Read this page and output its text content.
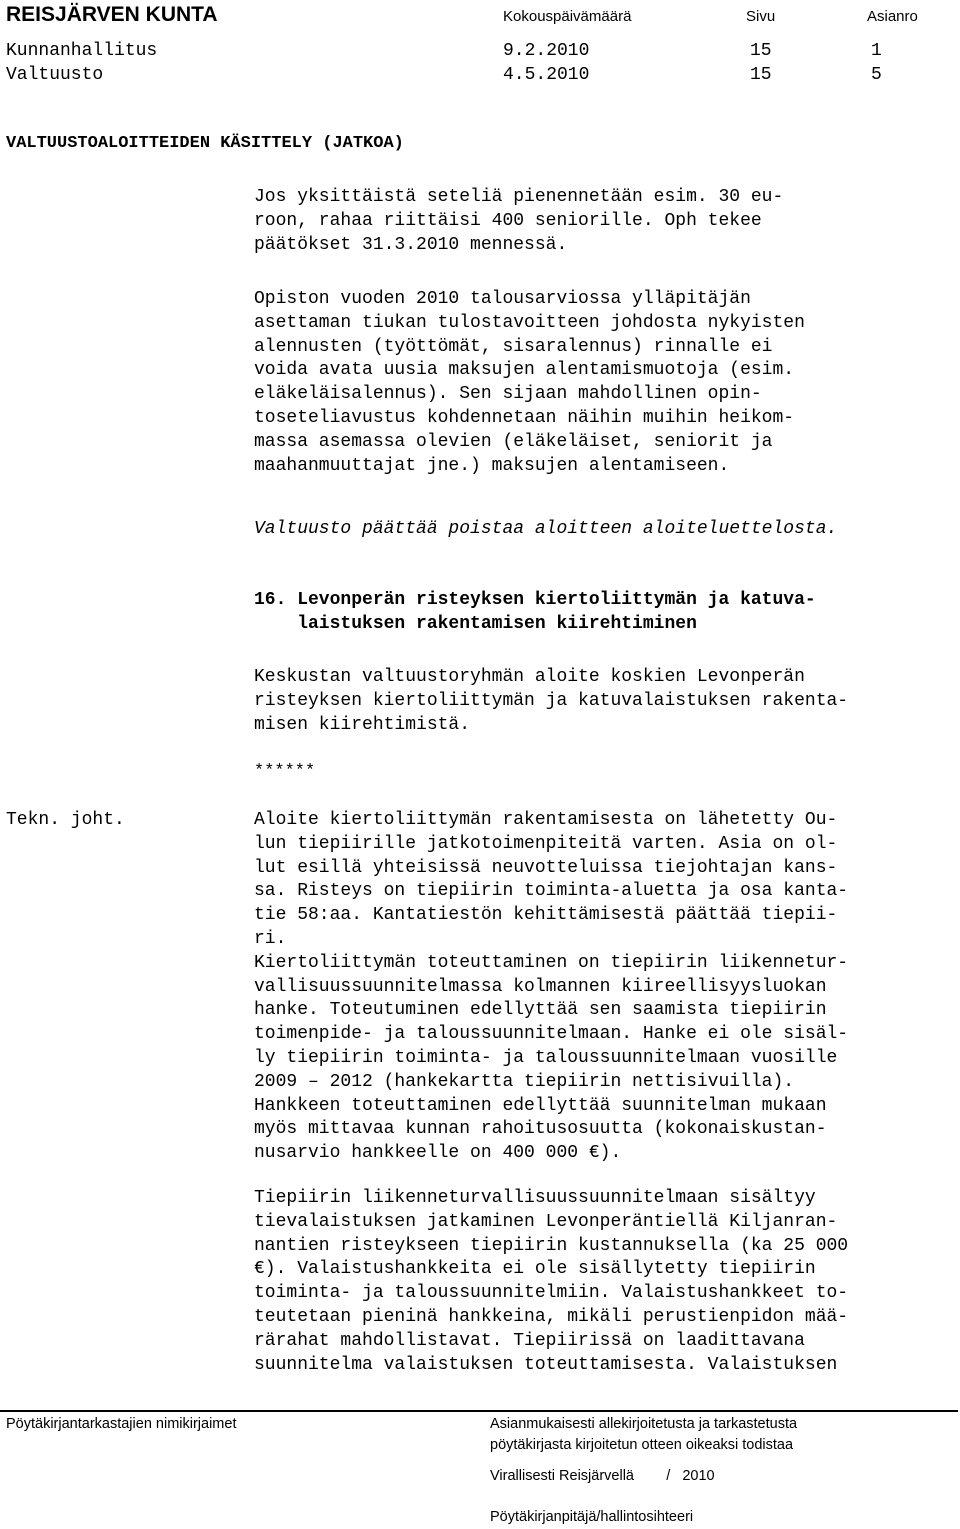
REISJÄRVEN KUNTA	Kokouspäivämäärä	Sivu	Asianro
Kunnanhallitus	9.2.2010	15	1
Valtuusto	4.5.2010	15	5
VALTUUSTOALOITTEIDEN KÄSITTELY (JATKOA)

Jos yksittäistä seteliä pienennetään esim. 30 eu-
roon, rahaa riittäisi 400 seniorille. Oph tekee
päätökset 31.3.2010 mennessä.

Opiston vuoden 2010 talousarviossa ylläpitäjän
asettaman tiukan tulostavoitteen johdosta nykyisten
alennusten (työttömät, sisaralennus) rinnalle ei
voida avata uusia maksujen alentamismuotoja (esim.
eläkeläisalennus). Sen sijaan mahdollinen opin-
toseteliavustus kohdennetaan näihin muihin heikom-
massa asemassa olevien (eläkeläiset, seniorit ja
maahanmuuttajat jne.) maksujen alentamiseen.

Valtuusto päättää poistaa aloitteen aloiteluettelosta.

16. Levonperän risteyksen kiertoliittymän ja katuva-
laistuksen rakentamisen kiirehtiminen

Keskustan valtuustoryhmän aloite koskien Levonperän
risteyksen kiertoliittymän ja katuvalaistuksen rakenta-
misen kiirehtimistä.

******

Tekn. joht.	Aloite kiertoliittymän rakentamisesta on lähetetty Ou-
lun tiepiirille jatkotoimenpiteitä varten. Asia on ol-
lut esillä yhteisissä neuvotteluissa tiejohtajan kans-
sa. Risteys on tiepiirin toiminta-aluetta ja osa kanta-
tie 58:aa. Kantatiestön kehittämisestä päättää tiepii-
ri.
Kiertoliittymän toteuttaminen on tiepiirin liikennetur-
vallisuussuunnitelmassa kolmannen kiireellisyysluokan
hanke. Toteutuminen edellyttää sen saamista tiepiirin
toimenpide- ja taloussuunnitelmaan. Hanke ei ole sisäl-
ly tiepiirin toiminta- ja taloussuunnitelmaan vuosille
2009 – 2012 (hankekartta tiepiirin nettisivuilla).
Hankkeen toteuttaminen edellyttää suunnitelman mukaan
myös mittavaa kunnan rahoitusosuutta (kokonaiskustan-
nusarvio hankkeelle on 400 000 €).

Tiepiirin liikenneturvallisuussuunnitelmaan sisältyy
tievalaistuksen jatkaminen Levonperäntiellä Kiljanran-
nantien risteykseen tiepiirin kustannuksella (ka 25 000
€). Valaistushankkeita ei ole sisällytetty tiepiirin
toiminta- ja taloussuunnitelmiin. Valaistushankkeet to-
teutetaan pieninä hankkeina, mikäli perustienpidon mää-
rärahat mahdollistavat. Tiepiirissä on laadittavana
suunnitelma valaistuksen toteuttamisesta. Valaistuksen

Pöytäkirjantarkastajien nimikirjaimet	Asianmukaisesti allekirjoitetusta ja tarkastetusta
pöytäkirjasta kirjoitetun otteen oikeaksi todistaa
Virallisesti Reisjärvellä        /   2010
Pöytäkirjanpitäjä/hallintosihteeri
